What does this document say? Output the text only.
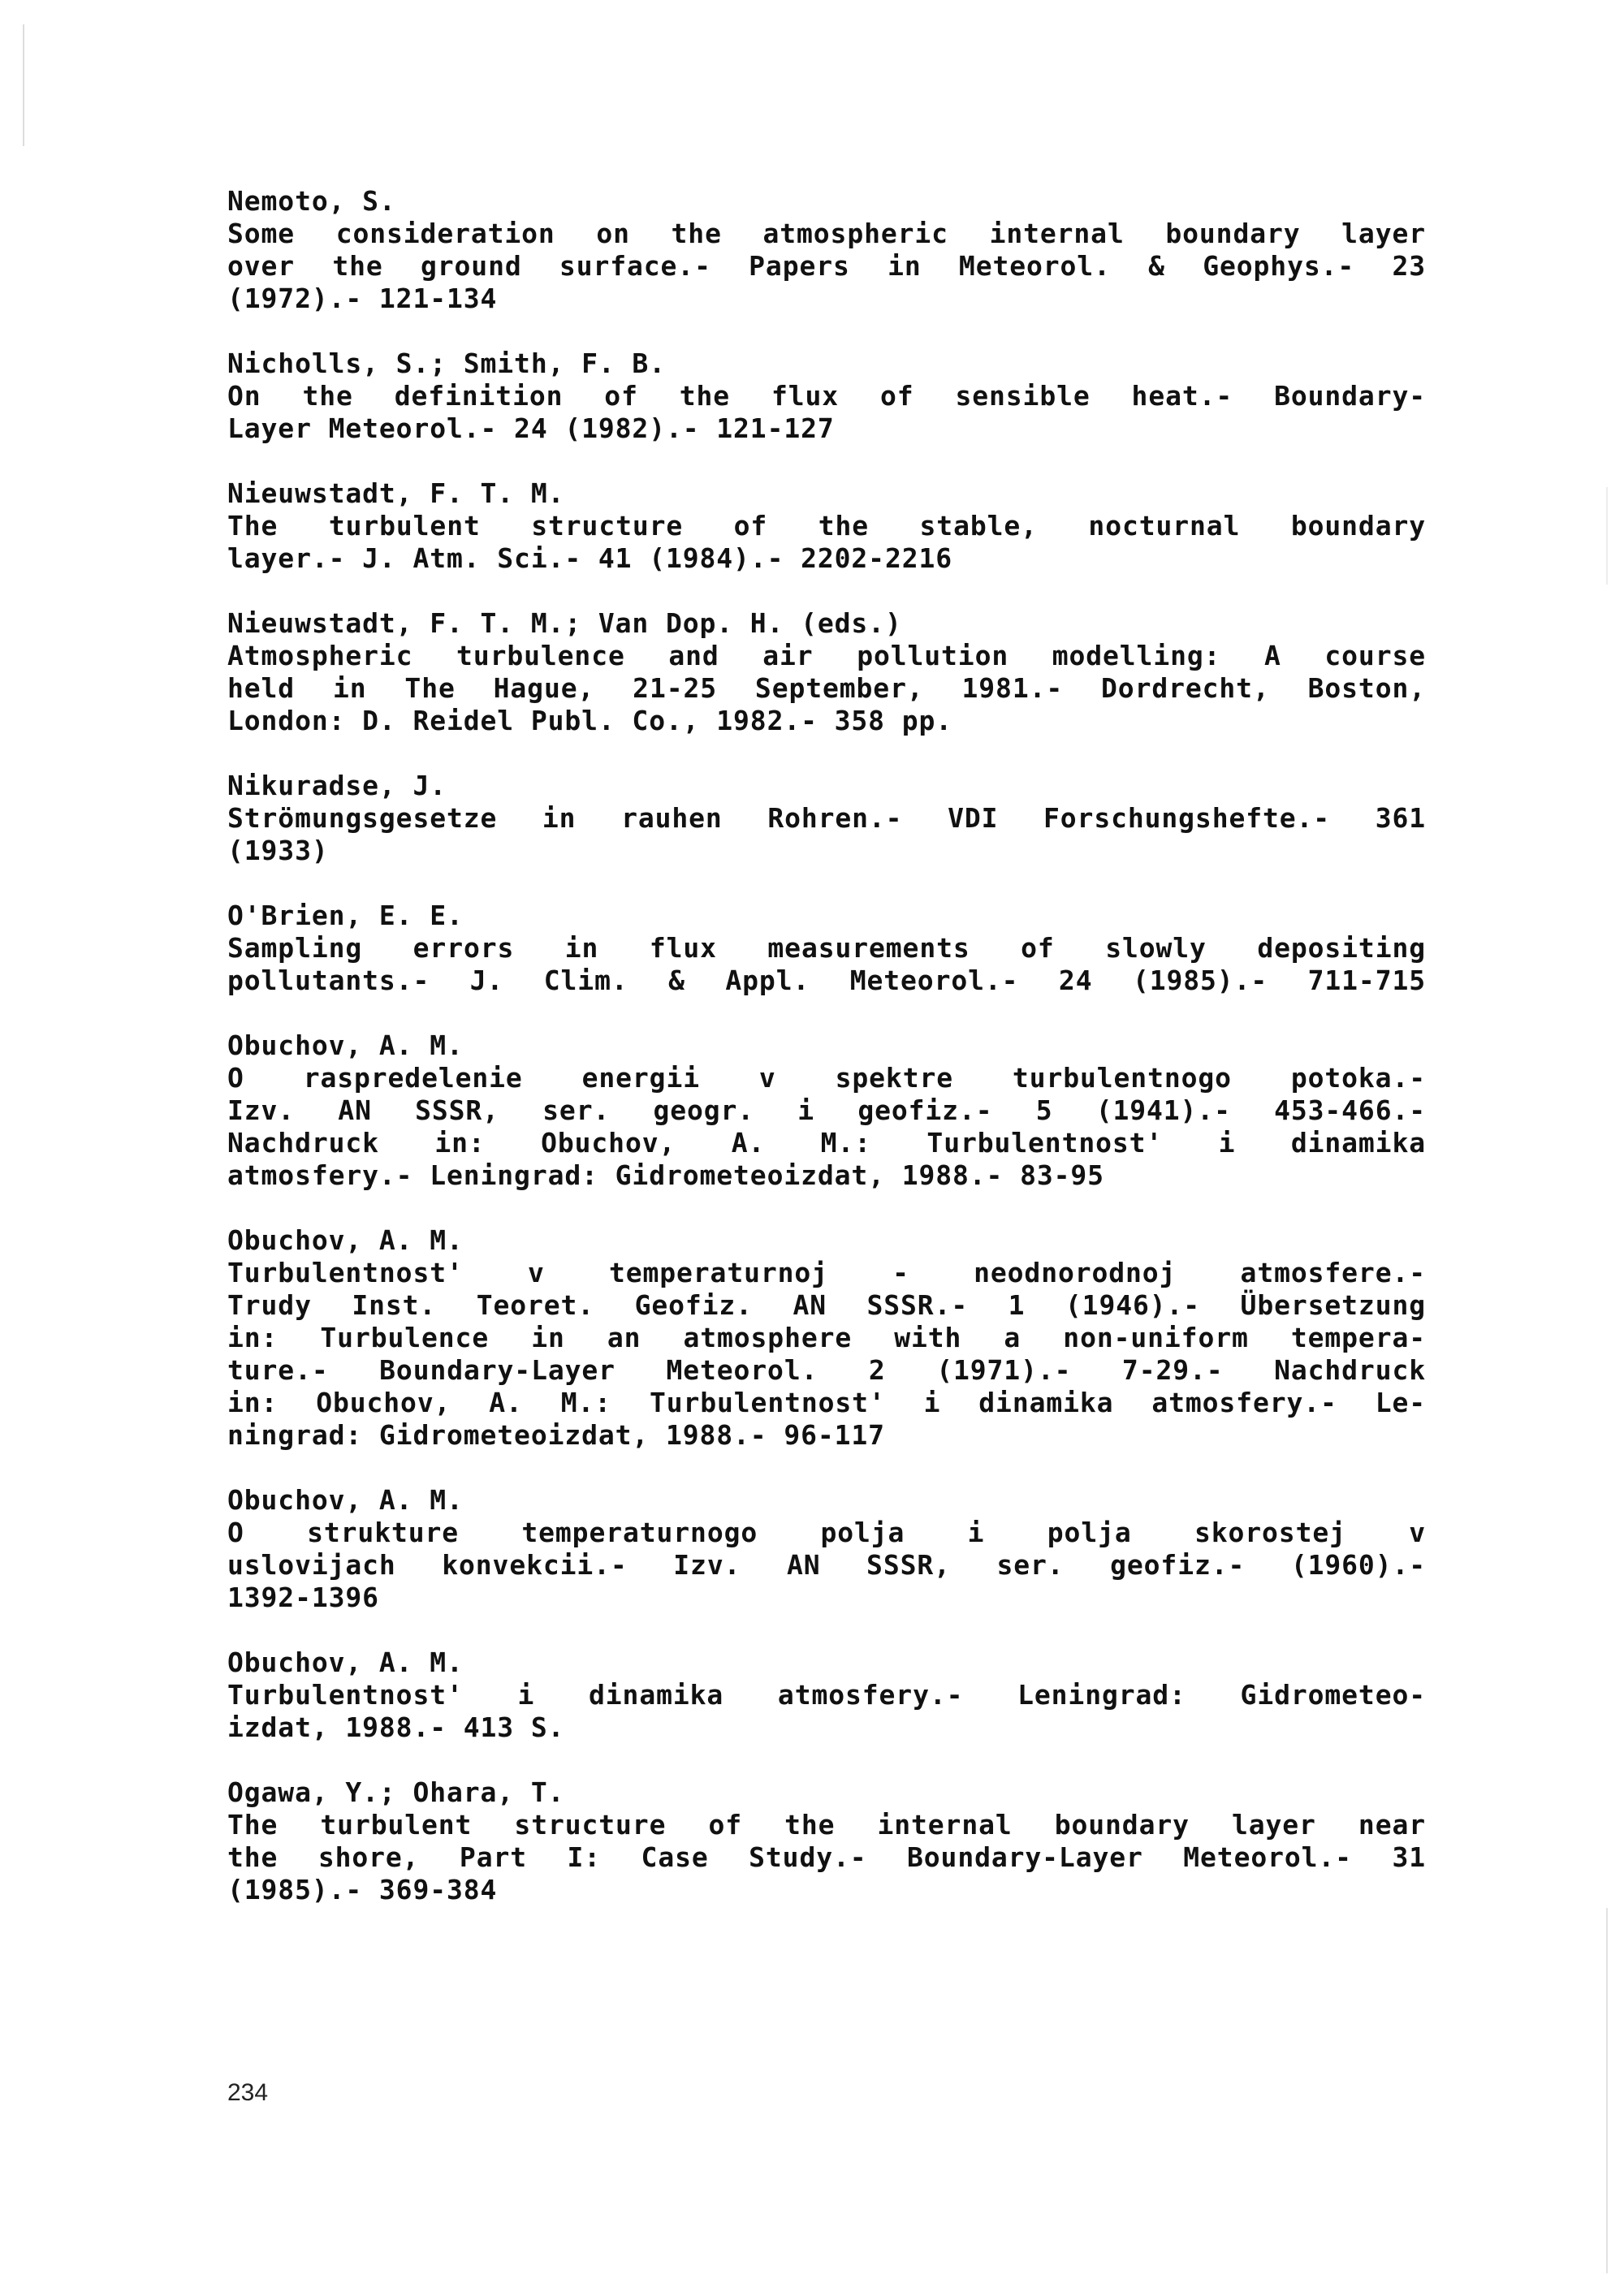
Nemoto, S.
Some consideration on the atmospheric internal boundary layer
over the ground surface.- Papers in Meteorol. & Geophys.- 23
(1972).- 121-134
Nicholls, S.; Smith, F. B.
On the definition of the flux of sensible heat.- Boundary-
Layer Meteorol.- 24 (1982).- 121-127
Nieuwstadt, F. T. M.
The turbulent structure of the stable, nocturnal boundary
layer.- J. Atm. Sci.- 41 (1984).- 2202-2216
Nieuwstadt, F. T. M.; Van Dop. H. (eds.)
Atmospheric turbulence and air pollution modelling: A course
held in The Hague, 21-25 September, 1981.- Dordrecht, Boston,
London: D. Reidel Publ. Co., 1982.- 358 pp.
Nikuradse, J.
Strömungsgesetze in rauhen Rohren.- VDI Forschungshefte.- 361
(1933)
O'Brien, E. E.
Sampling errors in flux measurements of slowly depositing
pollutants.- J. Clim. & Appl. Meteorol.- 24 (1985).- 711-715
Obuchov, A. M.
O raspredelenie energii v spektre turbulentnogo potoka.-
Izv. AN SSSR, ser. geogr. i geofiz.- 5 (1941).- 453-466.-
Nachdruck in: Obuchov, A. M.: Turbulentnost' i dinamika
atmosfery.- Leningrad: Gidrometeoizdat, 1988.- 83-95
Obuchov, A. M.
Turbulentnost' v temperaturnoj - neodnorodnoj atmosfere.-
Trudy Inst. Teoret. Geofiz. AN SSSR.- 1 (1946).- Übersetzung
in: Turbulence in an atmosphere with a non-uniform tempera-
ture.- Boundary-Layer Meteorol. 2 (1971).- 7-29.- Nachdruck
in: Obuchov, A. M.: Turbulentnost' i dinamika atmosfery.- Le-
ningrad: Gidrometeoizdat, 1988.- 96-117
Obuchov, A. M.
O strukture temperaturnogo polja i polja skorostej v
uslovijach konvekcii.- Izv. AN SSSR, ser. geofiz.- (1960).-
1392-1396
Obuchov, A. M.
Turbulentnost' i dinamika atmosfery.- Leningrad: Gidrometeo-
izdat, 1988.- 413 S.
Ogawa, Y.; Ohara, T.
The turbulent structure of the internal boundary layer near
the shore, Part I: Case Study.- Boundary-Layer Meteorol.- 31
(1985).- 369-384
234
